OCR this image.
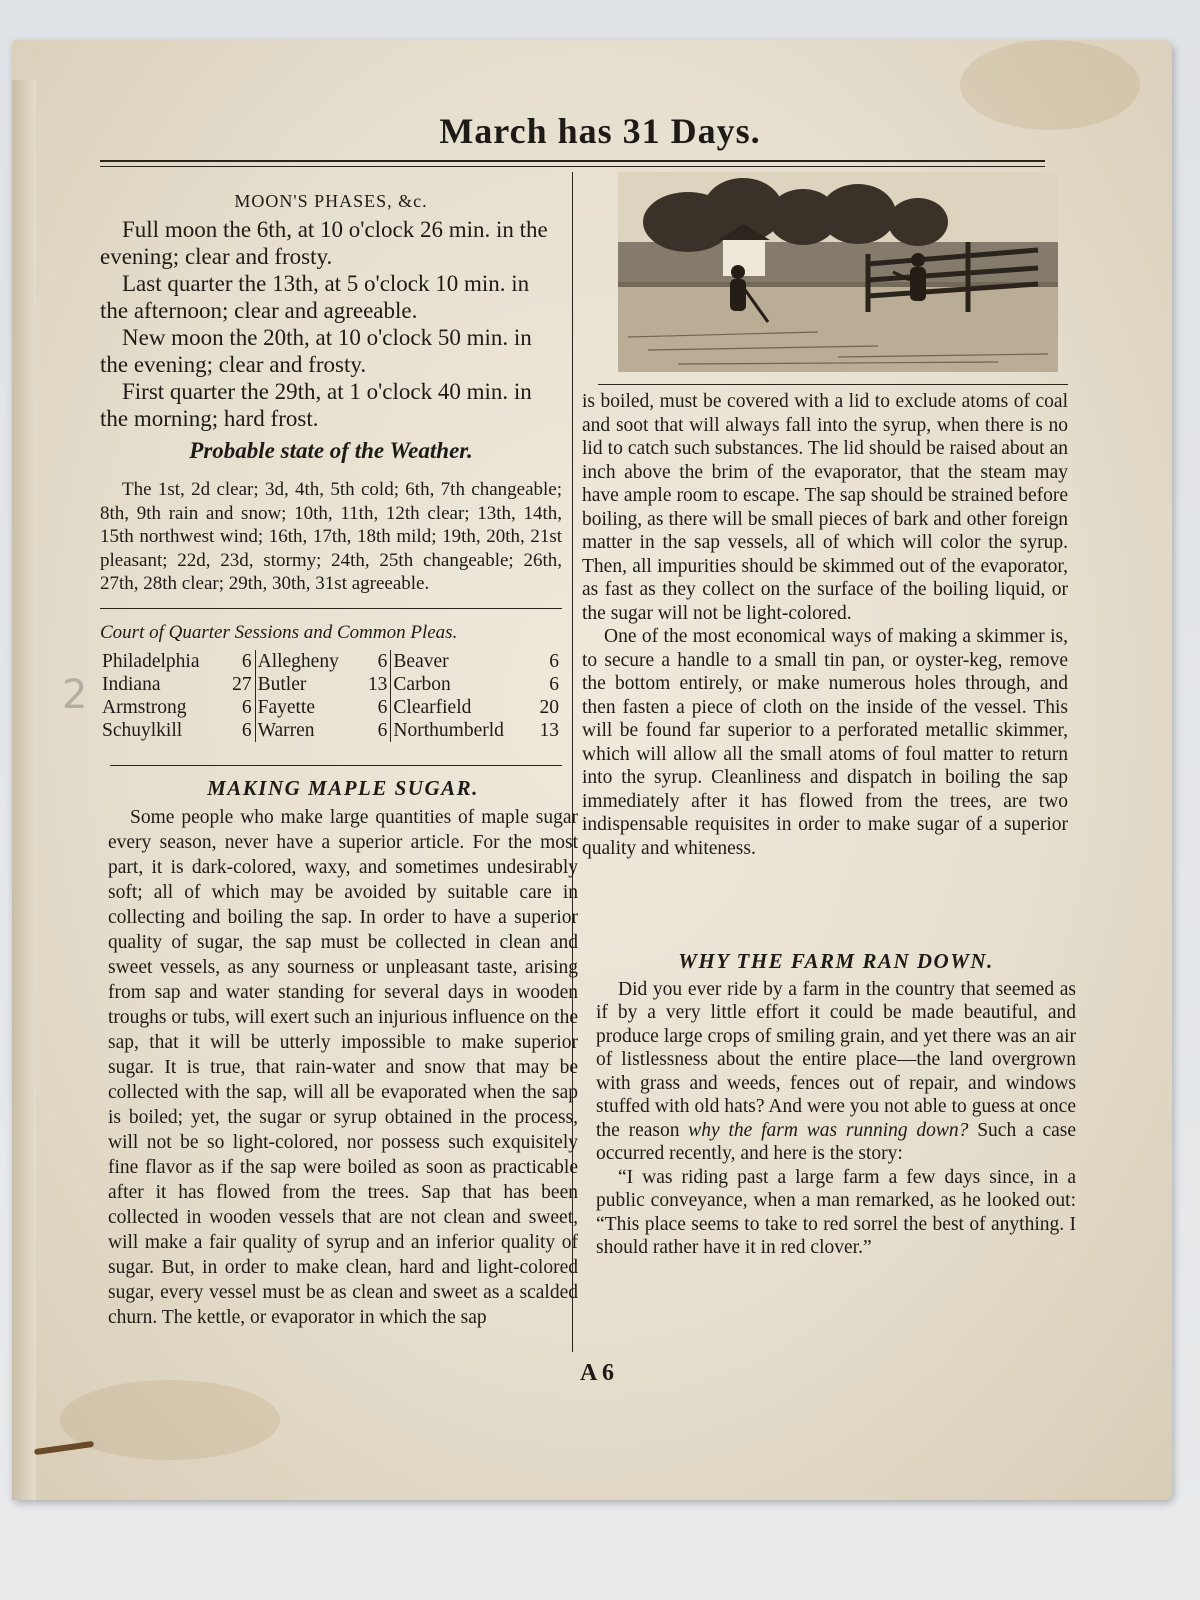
March has 31 Days.
MOON'S PHASES, &c.

Full moon the 6th, at 10 o'clock 26 min. in the evening; clear and frosty.

Last quarter the 13th, at 5 o'clock 10 min. in the afternoon; clear and agreeable.

New moon the 20th, at 10 o'clock 50 min. in the evening; clear and frosty.

First quarter the 29th, at 1 o'clock 40 min. in the morning; hard frost.

Probable state of the Weather.

The 1st, 2d clear; 3d, 4th, 5th cold; 6th, 7th changeable; 8th, 9th rain and snow; 10th, 11th, 12th clear; 13th, 14th, 15th northwest wind; 16th, 17th, 18th mild; 19th, 20th, 21st pleasant; 22d, 23d, stormy; 24th, 25th changeable; 26th, 27th, 28th clear; 29th, 30th, 31st agreeable.

Court of Quarter Sessions and Common Pleas.
Philadelphia	6	Allegheny	6	Beaver	6
Indiana	27	Butler	13	Carbon	6
Armstrong	6	Fayette	6	Clearfield	20
Schuylkill	6	Warren	6	Northumberld	13
2
MAKING MAPLE SUGAR.

Some people who make large quantities of maple sugar every season, never have a superior article. For the most part, it is dark-colored, waxy, and sometimes undesirably soft; all of which may be avoided by suitable care in collecting and boiling the sap. In order to have a superior quality of sugar, the sap must be collected in clean and sweet vessels, as any sourness or unpleasant taste, arising from sap and water standing for several days in wooden troughs or tubs, will exert such an injurious influence on the sap, that it will be utterly impossible to make superior sugar. It is true, that rain-water and snow that may be collected with the sap, will all be evaporated when the sap is boiled; yet, the sugar or syrup obtained in the process, will not be so light-colored, nor possess such exquisitely fine flavor as if the sap were boiled as soon as practicable after it has flowed from the trees. Sap that has been collected in wooden vessels that are not clean and sweet, will make a fair quality of syrup and an inferior quality of sugar. But, in order to make clean, hard and light-colored sugar, every vessel must be as clean and sweet as a scalded churn. The kettle, or evaporator in which the sap

is boiled, must be covered with a lid to exclude atoms of coal and soot that will always fall into the syrup, when there is no lid to catch such substances. The lid should be raised about an inch above the brim of the evaporator, that the steam may have ample room to escape. The sap should be strained before boiling, as there will be small pieces of bark and other foreign matter in the sap vessels, all of which will color the syrup. Then, all impurities should be skimmed out of the evaporator, as fast as they collect on the surface of the boiling liquid, or the sugar will not be light-colored.

One of the most economical ways of making a skimmer is, to secure a handle to a small tin pan, or oyster-keg, remove the bottom entirely, or make numerous holes through, and then fasten a piece of cloth on the inside of the vessel. This will be found far superior to a perforated metallic skimmer, which will allow all the small atoms of foul matter to return into the syrup. Cleanliness and dispatch in boiling the sap immediately after it has flowed from the trees, are two indispensable requisites in order to make sugar of a superior quality and whiteness.

WHY THE FARM RAN DOWN.

Did you ever ride by a farm in the country that seemed as if by a very little effort it could be made beautiful, and produce large crops of smiling grain, and yet there was an air of listlessness about the entire place—the land overgrown with grass and weeds, fences out of repair, and windows stuffed with old hats? And were you not able to guess at once the reason why the farm was running down? Such a case occurred recently, and here is the story:

“I was riding past a large farm a few days since, in a public conveyance, when a man remarked, as he looked out: “This place seems to take to red sorrel the best of anything. I should rather have it in red clover.”

A 6
